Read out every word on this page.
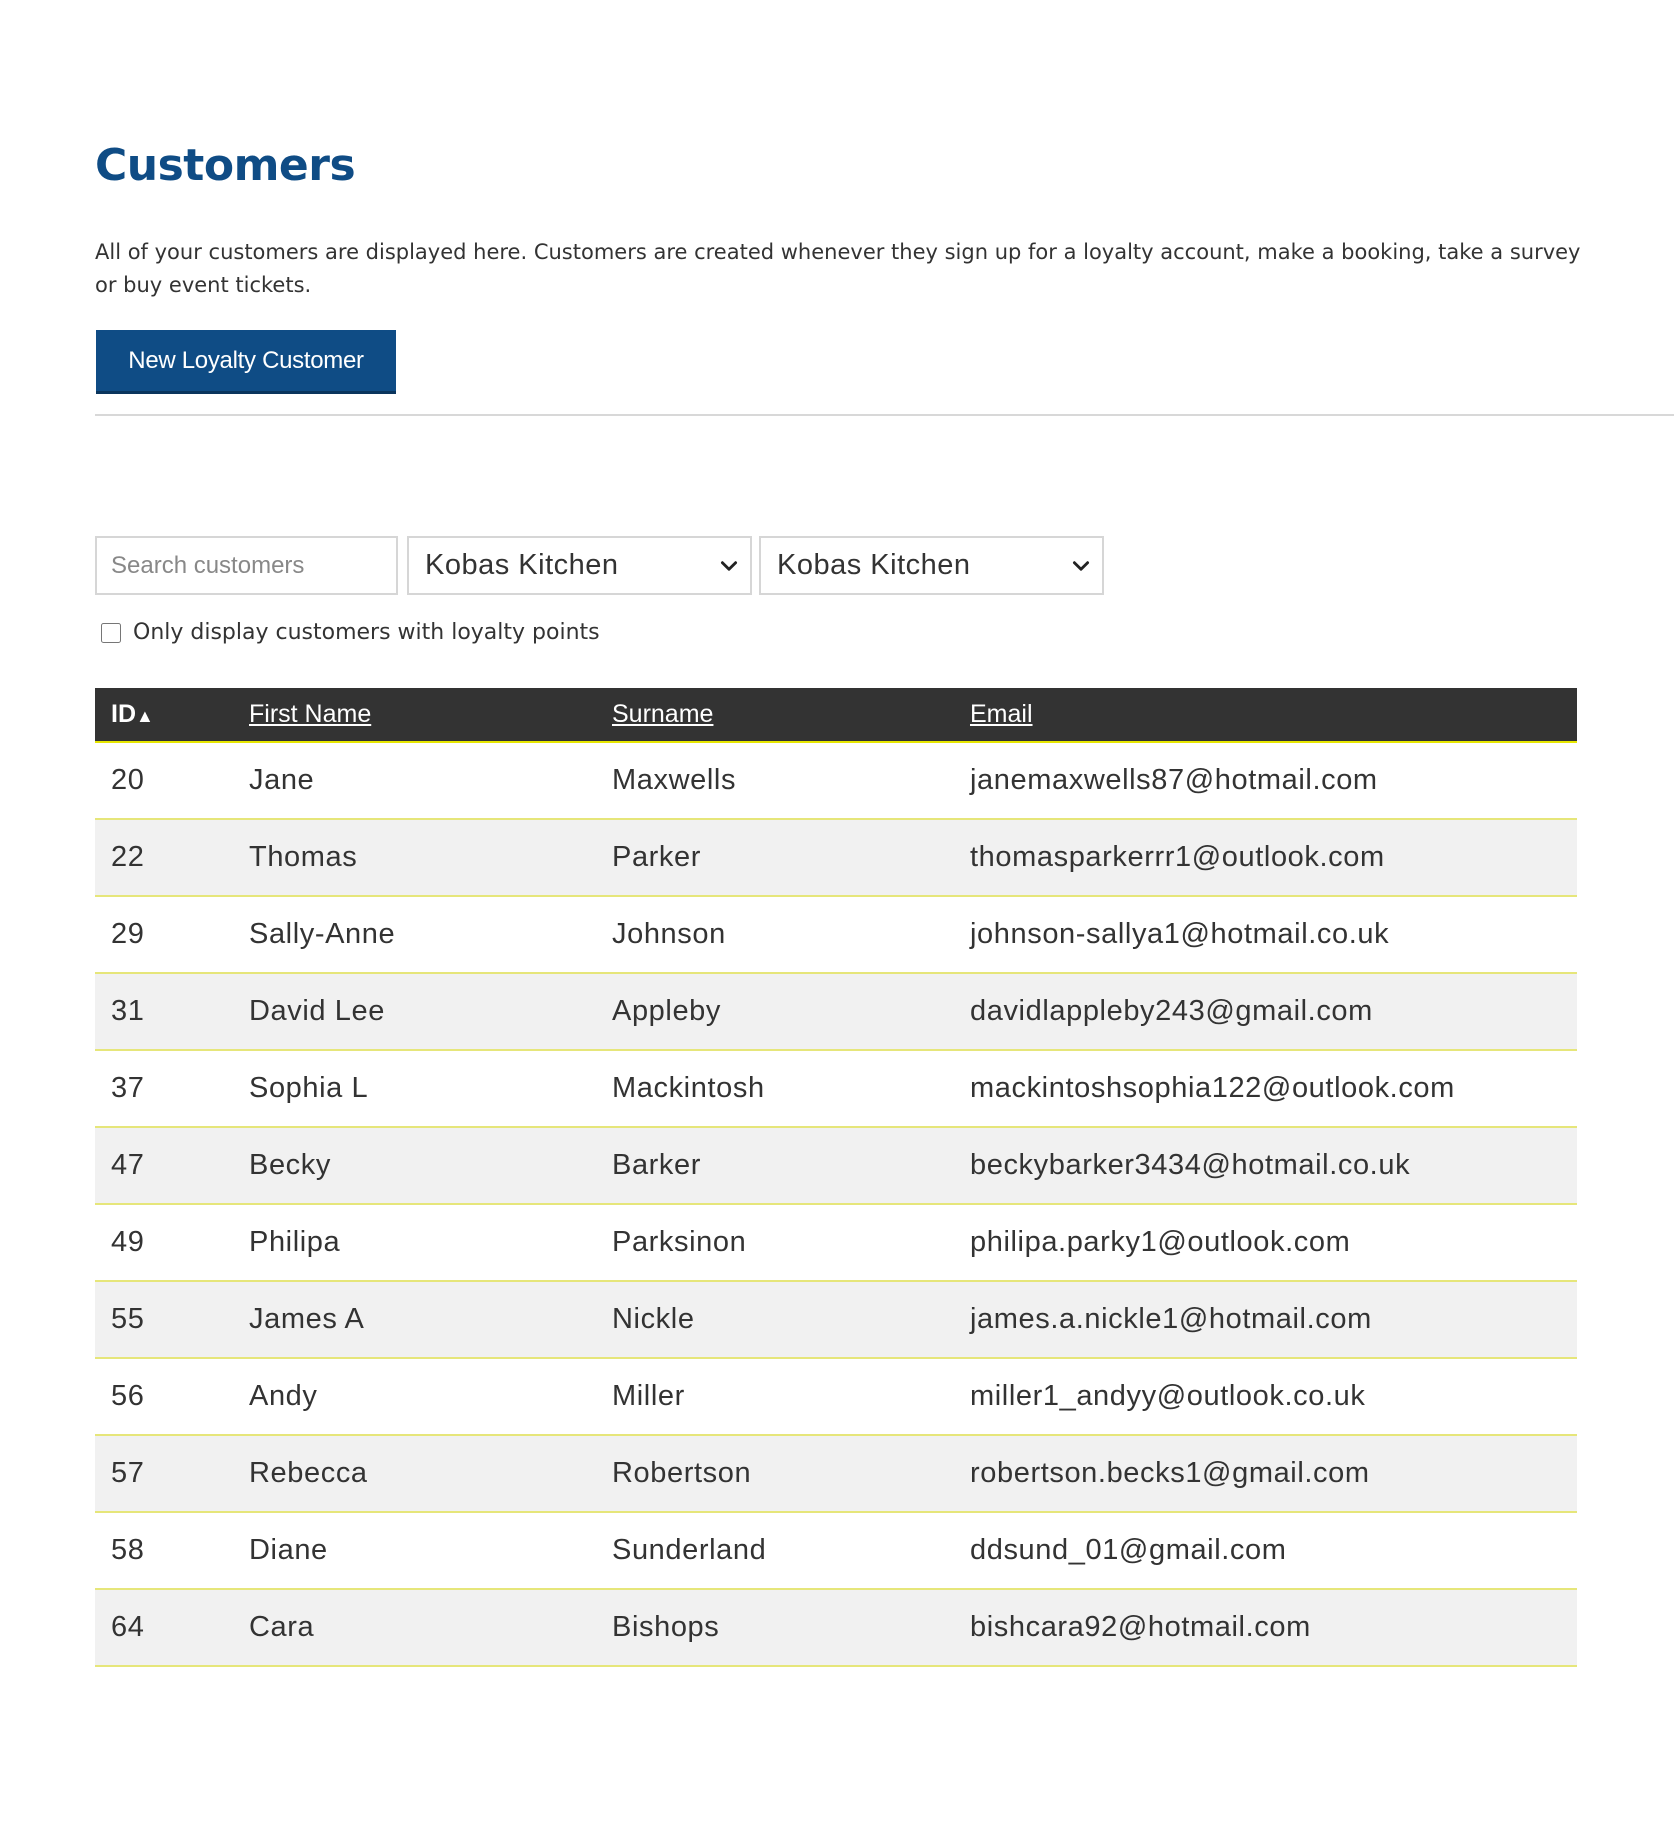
Customers

All of your customers are displayed here. Customers are created whenever they sign up for a loyalty account, make a booking, take a survey or buy event tickets.

New Loyalty Customer
Search customers
Kobas Kitchen	Kobas Kitchen
Only display customers with loyalty points
ID▲	First Name	Surname	Email
20	Jane	Maxwells	janemaxwells87@hotmail.com
22	Thomas	Parker	thomasparkerrr1@outlook.com
29	Sally-Anne	Johnson	johnson-sallya1@hotmail.co.uk
31	David Lee	Appleby	davidlappleby243@gmail.com
37	Sophia L	Mackintosh	mackintoshsophia122@outlook.com
47	Becky	Barker	beckybarker3434@hotmail.co.uk
49	Philipa	Parksinon	philipa.parky1@outlook.com
55	James A	Nickle	james.a.nickle1@hotmail.com
56	Andy	Miller	miller1_andyy@outlook.co.uk
57	Rebecca	Robertson	robertson.becks1@gmail.com
58	Diane	Sunderland	ddsund_01@gmail.com
64	Cara	Bishops	bishcara92@hotmail.com
